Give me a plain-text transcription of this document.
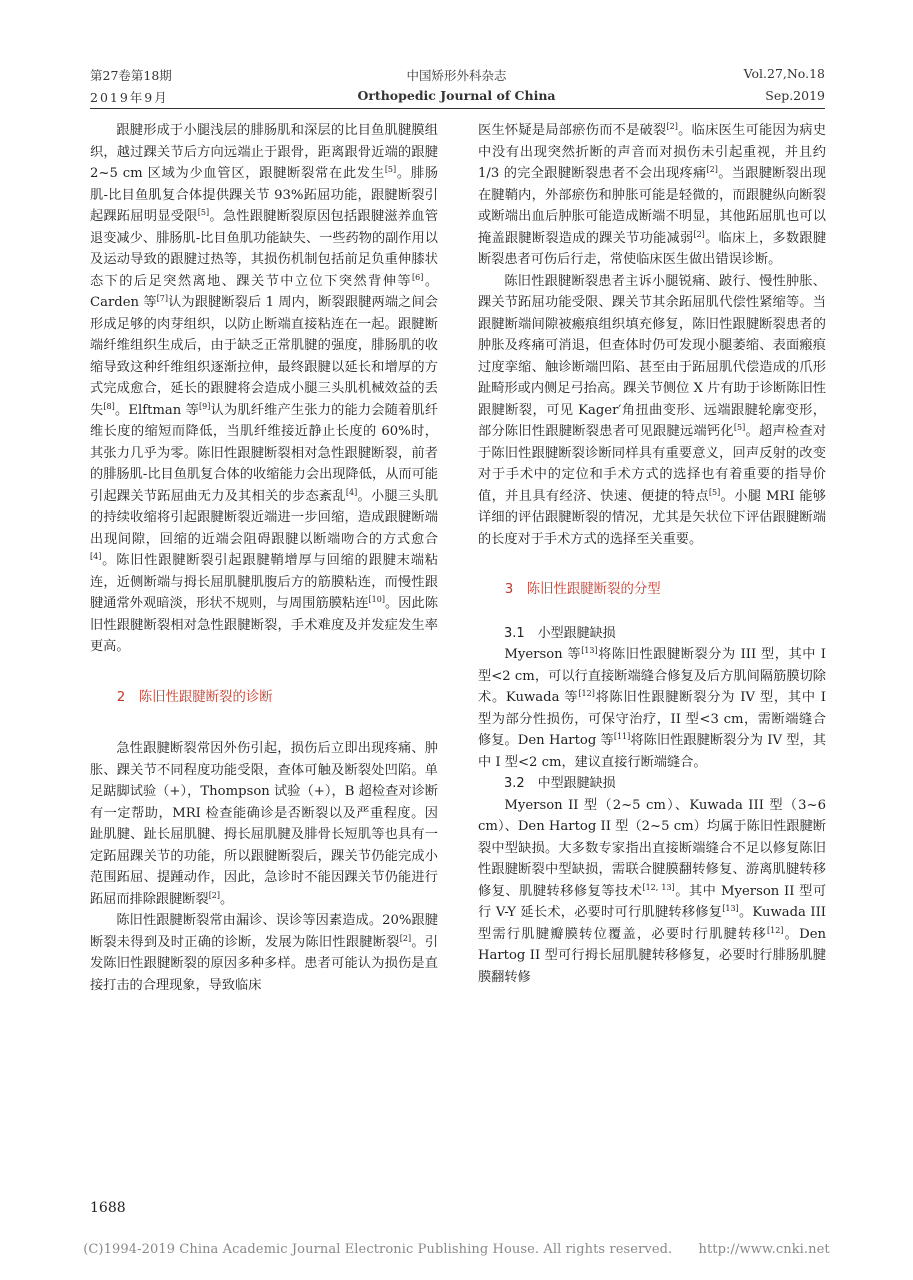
第27卷第18期
2019年9月
中国矫形外科杂志
Orthopedic Journal of China
Vol.27,No.18
Sep.2019

跟腱形成于小腿浅层的腓肠肌和深层的比目鱼肌腱膜组织，越过踝关节后方向远端止于跟骨，距离跟骨近端的跟腱 2~5 cm 区域为少血管区，跟腱断裂常在此发生[5]。腓肠肌-比目鱼肌复合体提供踝关节 93%跖屈功能，跟腱断裂引起踝跖屈明显受限[5]。急性跟腱断裂原因包括跟腱滋养血管退变减少、腓肠肌-比目鱼肌功能缺失、一些药物的副作用以及运动导致的跟腱过热等，其损伤机制包括前足负重伸膝状态下的后足突然离地、踝关节中立位下突然背伸等[6]。Carden 等[7]认为跟腱断裂后 1 周内，断裂跟腱两端之间会形成足够的肉芽组织，以防止断端直接粘连在一起。跟腱断端纤维组织生成后，由于缺乏正常肌腱的强度，腓肠肌的收缩导致这种纤维组织逐渐拉伸，最终跟腱以延长和增厚的方式完成愈合，延长的跟腱将会造成小腿三头肌机械效益的丢失[8]。Elftman 等[9]认为肌纤维产生张力的能力会随着肌纤维长度的缩短而降低，当肌纤维接近静止长度的 60%时，其张力几乎为零。陈旧性跟腱断裂相对急性跟腱断裂，前者的腓肠肌-比目鱼肌复合体的收缩能力会出现降低，从而可能引起踝关节跖屈曲无力及其相关的步态紊乱[4]。小腿三头肌的持续收缩将引起跟腱断裂近端进一步回缩，造成跟腱断端出现间隙，回缩的近端会阻碍跟腱以断端吻合的方式愈合[4]。陈旧性跟腱断裂引起跟腱鞘增厚与回缩的跟腱末端粘连，近侧断端与拇长屈肌腱肌腹后方的筋膜粘连，而慢性跟腱通常外观暗淡，形状不规则，与周围筋膜粘连[10]。因此陈旧性跟腱断裂相对急性跟腱断裂，手术难度及并发症发生率更高。

2　陈旧性跟腱断裂的诊断

急性跟腱断裂常因外伤引起，损伤后立即出现疼痛、肿胀、踝关节不同程度功能受限，查体可触及断裂处凹陷。单足踮脚试验（+），Thompson 试验（+），B 超检查对诊断有一定帮助，MRI 检查能确诊是否断裂以及严重程度。因趾肌腱、趾长屈肌腱、拇长屈肌腱及腓骨长短肌等也具有一定跖屈踝关节的功能，所以跟腱断裂后，踝关节仍能完成小范围跖屈、提踵动作，因此，急诊时不能因踝关节仍能进行跖屈而排除跟腱断裂[2]。

陈旧性跟腱断裂常由漏诊、误诊等因素造成。20%跟腱断裂未得到及时正确的诊断，发展为陈旧性跟腱断裂[2]。引发陈旧性跟腱断裂的原因多种多样。患者可能认为损伤是直接打击的合理现象，导致临床

医生怀疑是局部瘀伤而不是破裂[2]。临床医生可能因为病史中没有出现突然折断的声音而对损伤未引起重视，并且约 1/3 的完全跟腱断裂患者不会出现疼痛[2]。当跟腱断裂出现在腱鞘内，外部瘀伤和肿胀可能是轻微的，而跟腱纵向断裂或断端出血后肿胀可能造成断端不明显，其他跖屈肌也可以掩盖跟腱断裂造成的踝关节功能减弱[2]。临床上，多数跟腱断裂患者可伤后行走，常使临床医生做出错误诊断。

陈旧性跟腱断裂患者主诉小腿锐痛、跛行、慢性肿胀、踝关节跖屈功能受限、踝关节其余跖屈肌代偿性紧缩等。当跟腱断端间隙被瘢痕组织填充修复，陈旧性跟腱断裂患者的肿胀及疼痛可消退，但查体时仍可发现小腿萎缩、表面瘢痕过度挛缩、触诊断端凹陷、甚至由于跖屈肌代偿造成的爪形趾畸形或内侧足弓抬高。踝关节侧位 X 片有助于诊断陈旧性跟腱断裂，可见 Kager′角扭曲变形、远端跟腱轮廓变形，部分陈旧性跟腱断裂患者可见跟腱远端钙化[5]。超声检查对于陈旧性跟腱断裂诊断同样具有重要意义，回声反射的改变对于手术中的定位和手术方式的选择也有着重要的指导价值，并且具有经济、快速、便捷的特点[5]。小腿 MRI 能够详细的评估跟腱断裂的情况，尤其是矢状位下评估跟腱断端的长度对于手术方式的选择至关重要。

3　陈旧性跟腱断裂的分型

3.1　小型跟腱缺损

Myerson 等[13]将陈旧性跟腱断裂分为 III 型，其中 I 型<2 cm，可以行直接断端缝合修复及后方肌间隔筋膜切除术。Kuwada 等[12]将陈旧性跟腱断裂分为 IV 型，其中 I 型为部分性损伤，可保守治疗，II 型<3 cm，需断端缝合修复。Den Hartog 等[11]将陈旧性跟腱断裂分为 IV 型，其中 I 型<2 cm，建议直接行断端缝合。

3.2　中型跟腱缺损

Myerson II 型（2~5 cm）、Kuwada III 型（3~6 cm）、Den Hartog II 型（2~5 cm）均属于陈旧性跟腱断裂中型缺损。大多数专家指出直接断端缝合不足以修复陈旧性跟腱断裂中型缺损，需联合腱膜翻转修复、游离肌腱转移修复、肌腱转移修复等技术[12, 13]。其中 Myerson II 型可行 V-Y 延长术，必要时可行肌腱转移修复[13]。Kuwada III 型需行肌腱瓣膜转位覆盖，必要时行肌腱转移[12]。Den Hartog II 型可行拇长屈肌腱转移修复，必要时行腓肠肌腱膜翻转修

1688
(C)1994-2019 China Academic Journal Electronic Publishing House. All rights reserved.　　http://www.cnki.net
